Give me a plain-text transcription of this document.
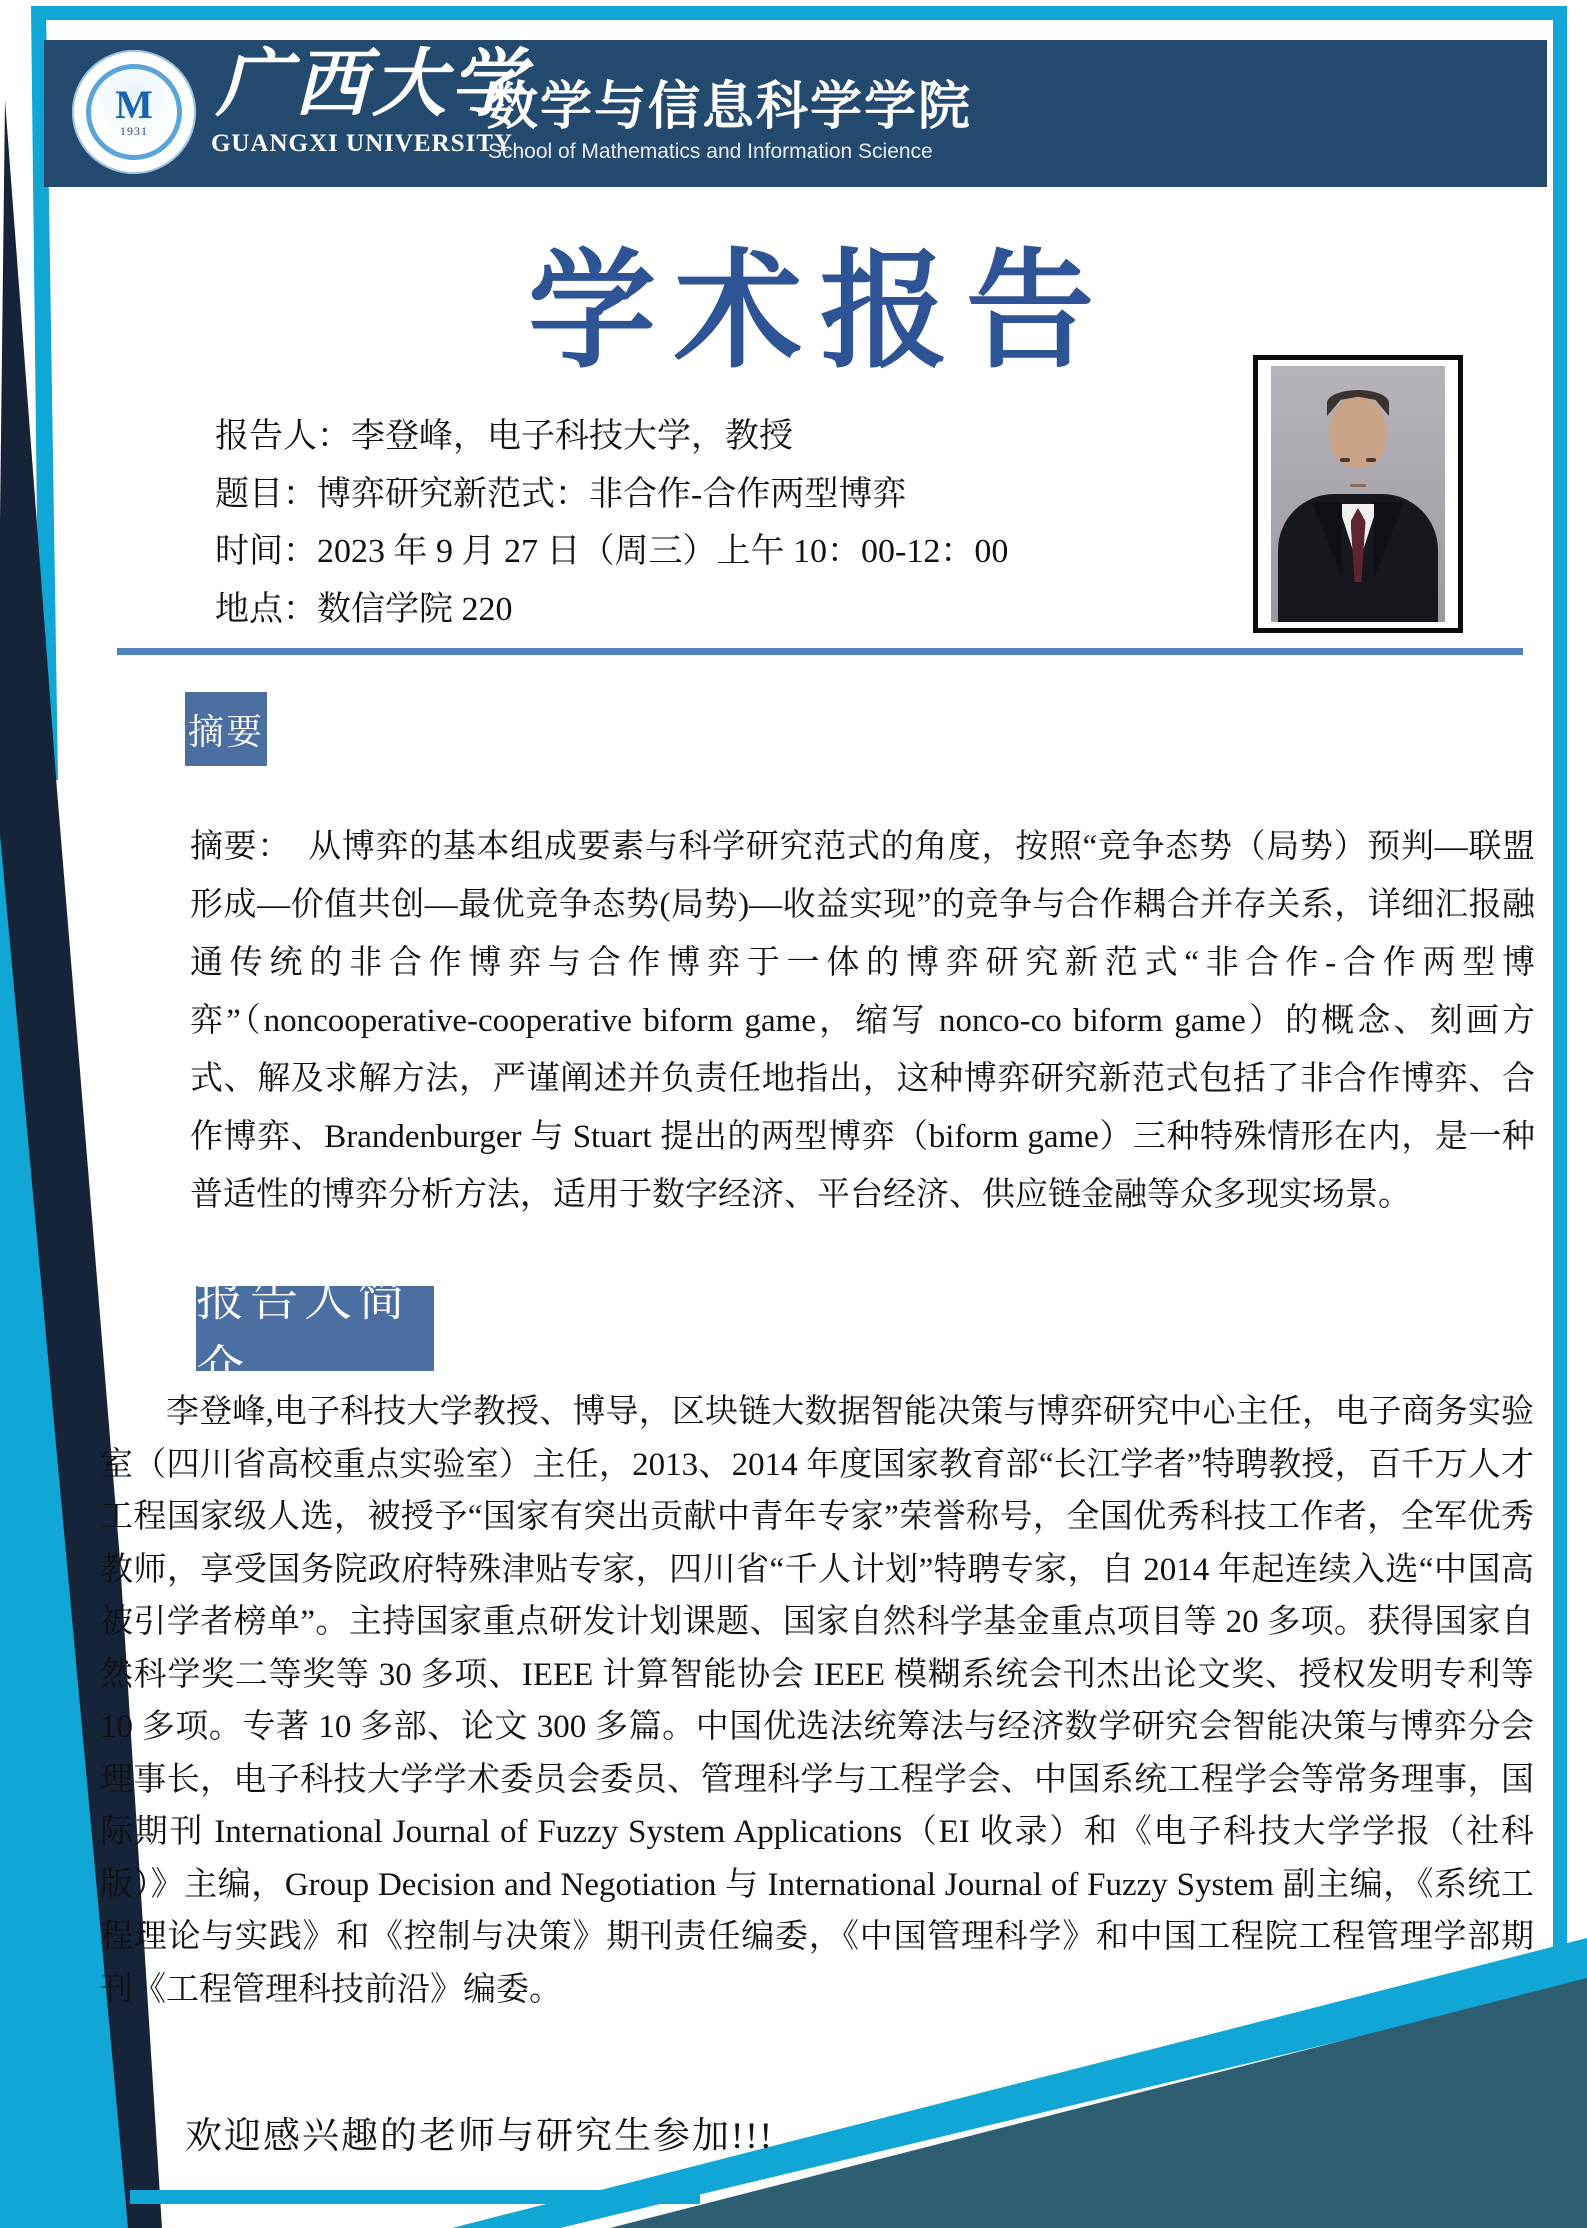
M
1931
广西大学
GUANGXI UNIVERSITY
数学与信息科学学院
School of Mathematics and Information Science
学术报告
报告人：李登峰，电子科技大学，教授
题目：博弈研究新范式：非合作-合作两型博弈
时间：2023 年 9 月 27 日（周三）上午 10：00-12：00
地点：数信学院 220
摘要

摘要：　从博弈的基本组成要素与科学研究范式的角度，按照“竞争态势（局势）预判—联盟形成—价值共创—最优竞争态势(局势)—收益实现”的竞争与合作耦合并存关系，详细汇报融通传统的非合作博弈与合作博弈于一体的博弈研究新范式“非合作-合作两型博弈”（noncooperative-cooperative biform game，缩写 nonco-co biform game）的概念、刻画方式、解及求解方法，严谨阐述并负责任地指出，这种博弈研究新范式包括了非合作博弈、合作博弈、Brandenburger 与 Stuart 提出的两型博弈（biform game）三种特殊情形在内，是一种普适性的博弈分析方法，适用于数字经济、平台经济、供应链金融等众多现实场景。

报告人简介

李登峰,电子科技大学教授、博导，区块链大数据智能决策与博弈研究中心主任，电子商务实验室（四川省高校重点实验室）主任，2013、2014 年度国家教育部“长江学者”特聘教授，百千万人才工程国家级人选，被授予“国家有突出贡献中青年专家”荣誉称号，全国优秀科技工作者，全军优秀教师，享受国务院政府特殊津贴专家，四川省“千人计划”特聘专家，自 2014 年起连续入选“中国高被引学者榜单”。主持国家重点研发计划课题、国家自然科学基金重点项目等 20 多项。获得国家自然科学奖二等奖等 30 多项、IEEE 计算智能协会 IEEE 模糊系统会刊杰出论文奖、授权发明专利等 10 多项。专著 10 多部、论文 300 多篇。中国优选法统筹法与经济数学研究会智能决策与博弈分会理事长，电子科技大学学术委员会委员、管理科学与工程学会、中国系统工程学会等常务理事，国际期刊 International Journal of Fuzzy System Applications（EI 收录）和《电子科技大学学报（社科版）》主编，Group Decision and Negotiation 与 International Journal of Fuzzy System 副主编，《系统工程理论与实践》和《控制与决策》期刊责任编委，《中国管理科学》和中国工程院工程管理学部期刊《工程管理科技前沿》编委。

欢迎感兴趣的老师与研究生参加!!!
